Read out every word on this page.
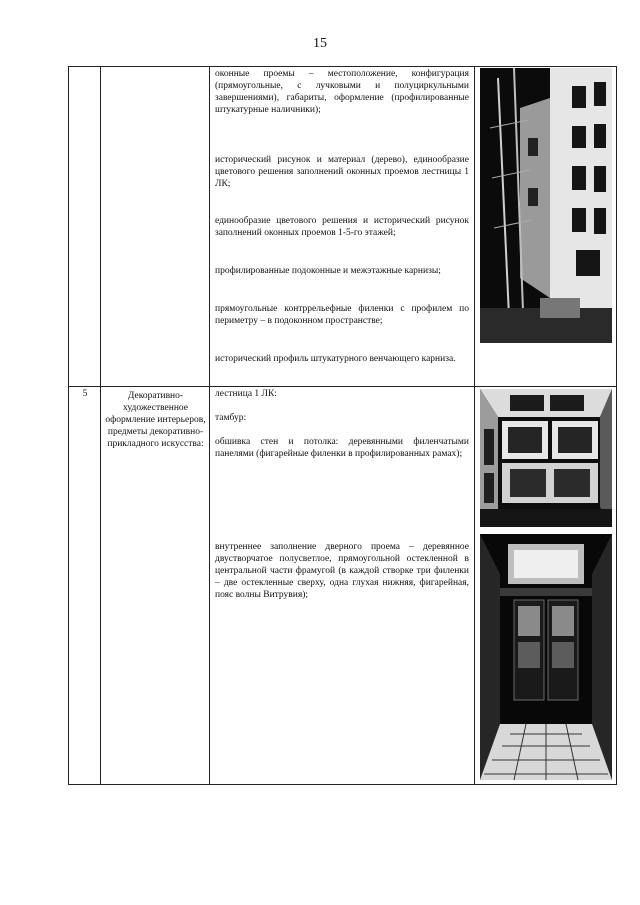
15
оконные проемы – местоположение, конфигурация (прямоугольные, с лучковыми и полуциркульными завершениями), габариты, оформление (профилированные штукатурные наличники);
исторический рисунок и материал (дерево), единообразие цветового решения заполнений оконных проемов лестницы 1 ЛК;
единообразие цветового решения и исторический рисунок заполнений оконных проемов 1-5-го этажей;
профилированные подоконные и межэтажные карнизы;
прямоугольные контррельефные филенки с профилем по периметру – в подоконном пространстве;
исторический профиль штукатурного венчающего карниза.
5	Декоративно-художественное оформление интерьеров, предметы декоративно-прикладного искусства:
лестница 1 ЛК:
тамбур:
обшивка стен и потолка: деревянными филенчатыми панелями (фигарейные филенки в профилированных рамах);
внутреннее заполнение дверного проема – деревянное двустворчатое полусветлое, прямоугольной остекленной в центральной части фрамугой (в каждой створке три филенки – две остекленные сверху, одна глухая нижняя, фигарейная, пояс волны Витрувия);
